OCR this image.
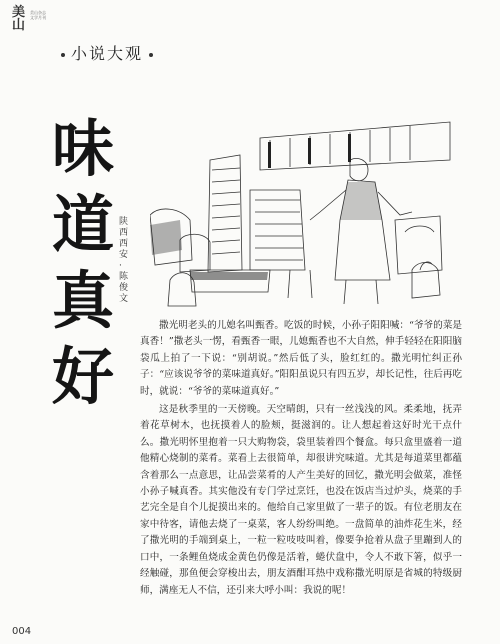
美
山
美山杂志
文学月刊
小说大观
味
道
真
好
陕
西
西
安
·
陈
俊
文

撒光明老头的儿媳名叫甄香。吃饭的时候，小孙子阳阳喊：“爷爷的菜是真香！”撒老头一愣，看甄香一眼，儿媳甄香也不大自然，伸手轻轻在阳阳脑袋瓜上拍了一下说：“别胡说。”然后低了头，脸红红的。撒光明忙纠正孙子：“应该说爷爷的菜味道真好。”阳阳虽说只有四五岁，却长记性，往后再吃时，就说：“爷爷的菜味道真好。”

这是秋季里的一天傍晚。天空晴朗，只有一丝浅浅的风。柔柔地，抚弄着花草树木，也抚摸着人的脸颊，挺滋润的。让人想起着这好时光干点什么。撒光明怀里抱着一只大购物袋，袋里装着四个餐盒。每只盒里盛着一道他精心烧制的菜肴。菜看上去很简单，却很讲究味道。尤其是每道菜里都蕴含着那么一点意思，让品尝菜肴的人产生美好的回忆，撒光明会做菜，准怪小孙子喊真香。其实他没有专门学过烹饪，也没在饭店当过炉头，烧菜的手艺完全是自个儿捉摸出来的。他给自己家里做了一辈子的饭。有位老朋友在家中待客，请他去烧了一桌菜，客人纷纷叫绝。一盘简单的油炸花生米，经了撒光明的手端到桌上，一粒一粒吱吱叫着，像要争抢着从盘子里蹦到人的口中，一条鲤鱼烧成金黄色仍像是活着，蜷伏盘中，令人不敢下箸，似乎一经触碰，那鱼便会穿梭出去，朋友酒酣耳热中戏称撒光明原是省城的特级厨师，满座无人不信，还引来大呼小叫：我说的呢！

004
